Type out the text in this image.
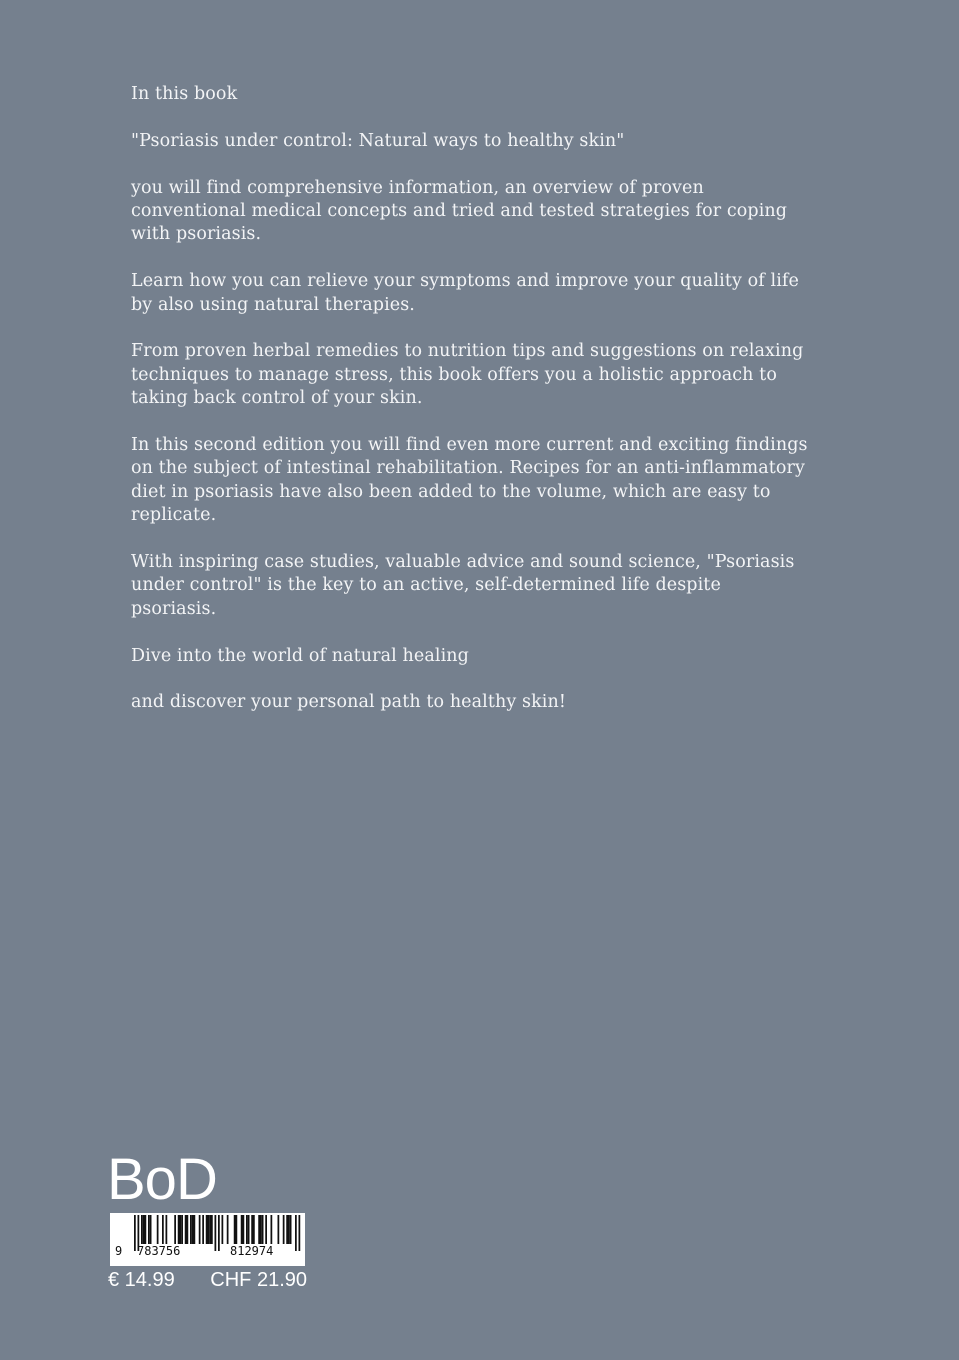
In this book

"Psoriasis under control: Natural ways to healthy skin"

you will find comprehensive information, an overview of proven
conventional medical concepts and tried and tested strategies for coping
with psoriasis.

Learn how you can relieve your symptoms and improve your quality of life
by also using natural therapies.

From proven herbal remedies to nutrition tips and suggestions on relaxing
techniques to manage stress, this book offers you a holistic approach to
taking back control of your skin.

In this second edition you will find even more current and exciting findings
on the subject of intestinal rehabilitation. Recipes for an anti-inflammatory
diet in psoriasis have also been added to the volume, which are easy to
replicate.

With inspiring case studies, valuable advice and sound science, "Psoriasis
under control" is the key to an active, self-determined life despite psoriasis.

Dive into the world of natural healing

and discover your personal path to healthy skin!

BoD
9 783756	812974
€ 14.99 CHF 21.90
